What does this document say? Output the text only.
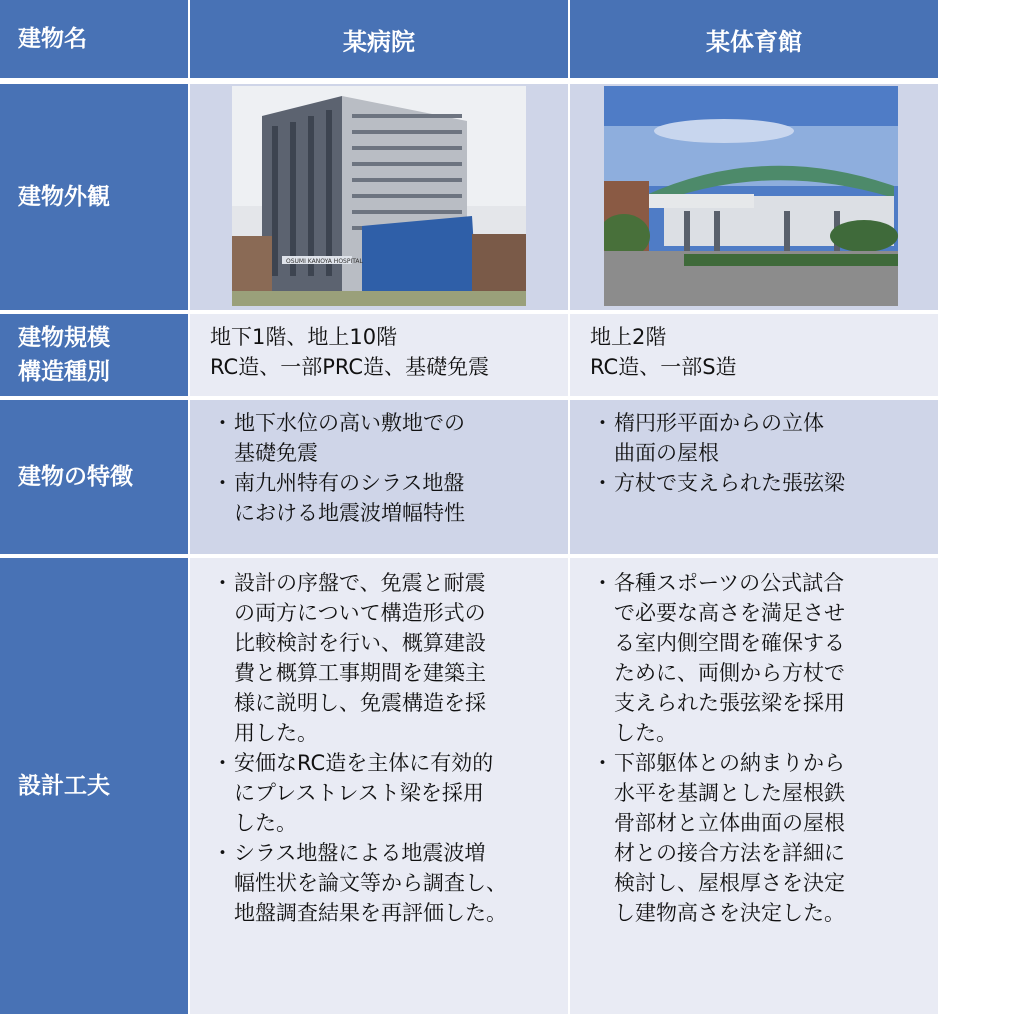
建物名	某病院	某体育館
建物外観
OSUMI KANOYA HOSPITAL
建物規模
構造種別
地下1階、地上10階
RC造、一部PRC造、基礎免震
地上2階
RC造、一部S造
建物の特徴
・ 地下水位の高い敷地での
基礎免震
・ 南九州特有のシラス地盤
における地震波増幅特性
・ 楕円形平面からの立体
曲面の屋根
・ 方杖で支えられた張弦梁
設計工夫
・ 設計の序盤で、免震と耐震
の両方について構造形式の
比較検討を行い、概算建設
費と概算工事期間を建築主
様に説明し、免震構造を採
用した。
・ 安価なRC造を主体に有効的
にプレストレスト梁を採用
した。
・ シラス地盤による地震波増
幅性状を論文等から調査し、
地盤調査結果を再評価した。
・ 各種スポーツの公式試合
で必要な高さを満足させ
る室内側空間を確保する
ために、両側から方杖で
支えられた張弦梁を採用
した。
・ 下部躯体との納まりから
水平を基調とした屋根鉄
骨部材と立体曲面の屋根
材との接合方法を詳細に
検討し、屋根厚さを決定
し建物高さを決定した。
